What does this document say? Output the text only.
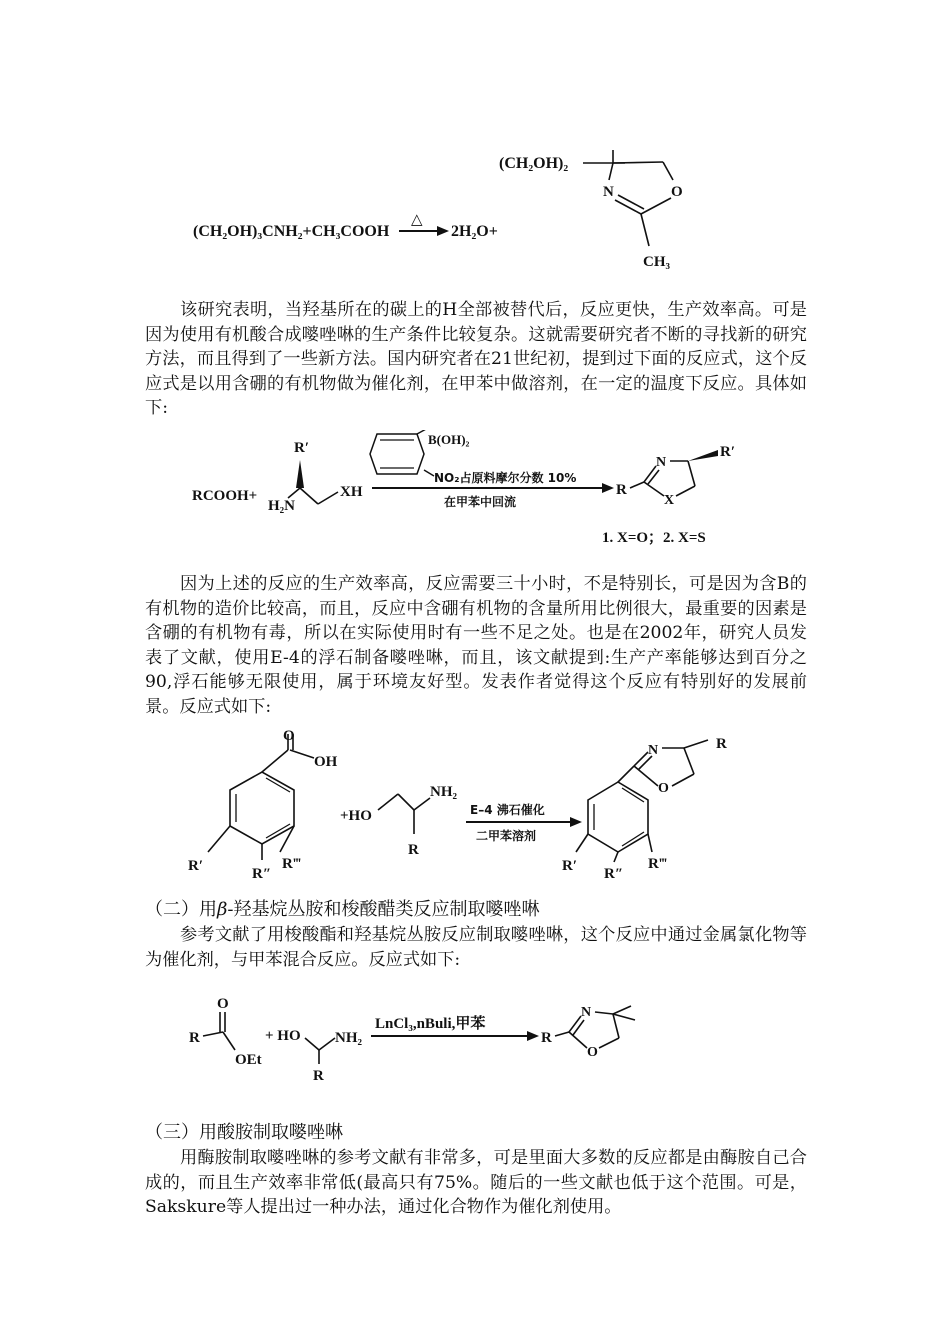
(CH₂OH)₃CNH₂+CH₃COOH
△
2H₂O+
(CH₂OH)₂
N	O
CH₃

该研究表明，当羟基所在的碳上的H全部被替代后，反应更快，生产效率高。可是因为使用有机酸合成嘙唑啉的生产条件比较复杂。这就需要研究者不断的寻找新的研究方法，而且得到了一些新方法。国内研究者在21世纪初，提到过下面的反应式，这个反应式是以用含硼的有机物做为催化剂，在甲苯中做溶剂，在一定的温度下反应。具体如下:

RCOOH+
R′
H₂N
XH
B(OH)₂
NO₂占原料摩尔分数 10%
在甲苯中回流
R
N
X
R′
1. X=O；2. X=S

因为上述的反应的生产效率高，反应需要三十小时，不是特别长，可是因为含B的有机物的造价比较高，而且，反应中含硼有机物的含量所用比例很大，最重要的因素是含硼的有机物有毒，所以在实际使用时有一些不足之处。也是在2002年，研究人员发表了文献，使用E-4的浮石制备嘙唑啉，而且，该文献提到:生产产率能够达到百分之90,浮石能够无限使用，属于环境友好型。发表作者觉得这个反应有特别好的发展前景。反应式如下:

O
OH
R′	R″
R‴
+HO
NH₂
R
E–4 沸石催化
二甲苯溶剂
N
O
R
R′ R″
R‴

（二）用β-羟基烷丛胺和梭酸醋类反应制取嘙唑啉

参考文献了用梭酸酯和羟基烷丛胺反应制取嘙唑啉，这个反应中通过金属氯化物等为催化剂，与甲苯混合反应。反应式如下:

O
R
OEt
+ HO NH₂
R
LnCl₃,nBuli,甲苯
R
N
O

（三）用酸胺制取嘙唑啉

用酶胺制取嘙唑啉的参考文献有非常多，可是里面大多数的反应都是由酶胺自己合成的，而且生产效率非常低(最高只有75%。随后的一些文献也低于这个范围。可是，Sakskure等人提出过一种办法，通过化合物作为催化剂使用。
